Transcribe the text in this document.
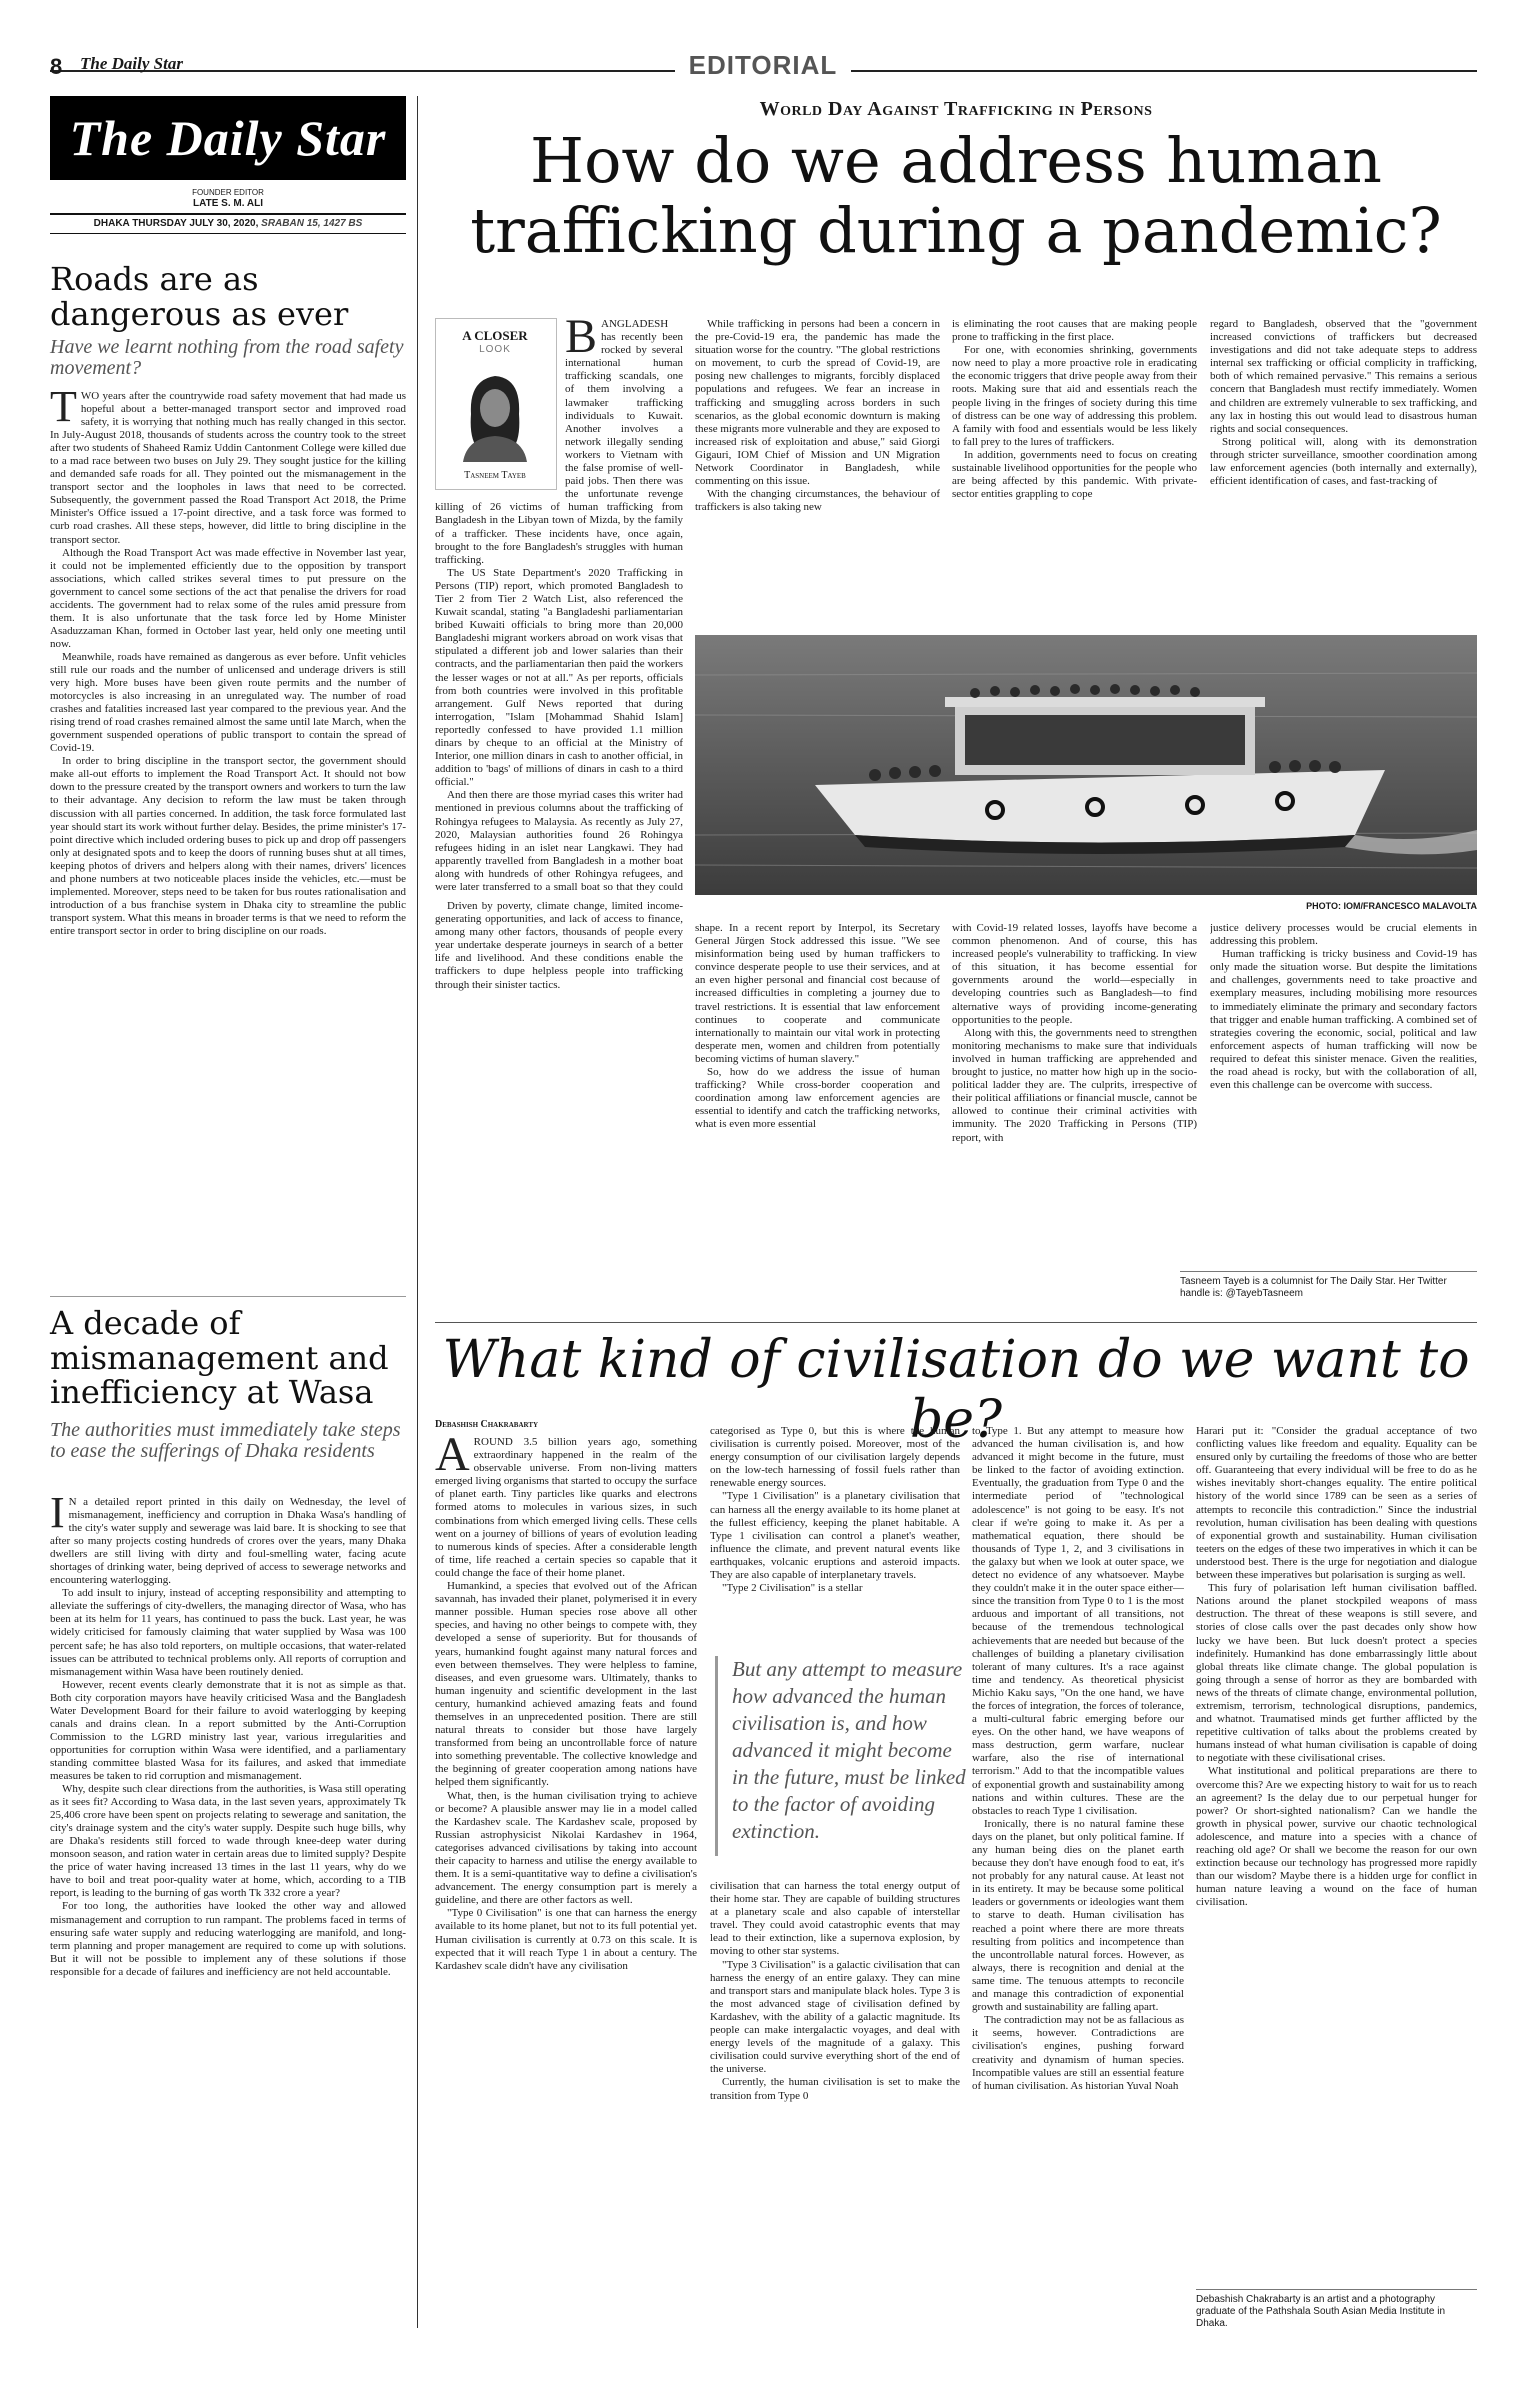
8 The Daily Star	EDITORIAL
The Daily Star
FOUNDER EDITOR
LATE S. M. ALI
DHAKA THURSDAY JULY 30, 2020, SRABAN 15, 1427 BS
Roads are as dangerous as ever
Have we learnt nothing from the road safety movement?

TWO years after the countrywide road safety movement that had made us hopeful about a better-managed transport sector and improved road safety, it is worrying that nothing much has really changed in this sector. In July-August 2018, thousands of students across the country took to the street after two students of Shaheed Ramiz Uddin Cantonment College were killed due to a mad race between two buses on July 29. They sought justice for the killing and demanded safe roads for all. They pointed out the mismanagement in the transport sector and the loopholes in laws that need to be corrected. Subsequently, the government passed the Road Transport Act 2018, the Prime Minister's Office issued a 17-point directive, and a task force was formed to curb road crashes. All these steps, however, did little to bring discipline in the transport sector.

Although the Road Transport Act was made effective in November last year, it could not be implemented efficiently due to the opposition by transport associations, which called strikes several times to put pressure on the government to cancel some sections of the act that penalise the drivers for road accidents. The government had to relax some of the rules amid pressure from them. It is also unfortunate that the task force led by Home Minister Asaduzzaman Khan, formed in October last year, held only one meeting until now.

Meanwhile, roads have remained as dangerous as ever before. Unfit vehicles still rule our roads and the number of unlicensed and underage drivers is still very high. More buses have been given route permits and the number of motorcycles is also increasing in an unregulated way. The number of road crashes and fatalities increased last year compared to the previous year. And the rising trend of road crashes remained almost the same until late March, when the government suspended operations of public transport to contain the spread of Covid-19.

In order to bring discipline in the transport sector, the government should make all-out efforts to implement the Road Transport Act. It should not bow down to the pressure created by the transport owners and workers to turn the law to their advantage. Any decision to reform the law must be taken through discussion with all parties concerned. In addition, the task force formulated last year should start its work without further delay. Besides, the prime minister's 17-point directive which included ordering buses to pick up and drop off passengers only at designated spots and to keep the doors of running buses shut at all times, keeping photos of drivers and helpers along with their names, drivers' licences and phone numbers at two noticeable places inside the vehicles, etc.—must be implemented. Moreover, steps need to be taken for bus routes rationalisation and introduction of a bus franchise system in Dhaka city to streamline the public transport system. What this means in broader terms is that we need to reform the entire transport sector in order to bring discipline on our roads.

A decade of mismanagement and inefficiency at Wasa
The authorities must immediately take steps to ease the sufferings of Dhaka residents

I N a detailed report printed in this daily on Wednesday, the level of mismanagement, inefficiency and corruption in Dhaka Wasa's handling of the city's water supply and sewerage was laid bare. It is shocking to see that after so many projects costing hundreds of crores over the years, many Dhaka dwellers are still living with dirty and foul-smelling water, facing acute shortages of drinking water, being deprived of access to sewerage networks and encountering waterlogging.

To add insult to injury, instead of accepting responsibility and attempting to alleviate the sufferings of city-dwellers, the managing director of Wasa, who has been at its helm for 11 years, has continued to pass the buck. Last year, he was widely criticised for famously claiming that water supplied by Wasa was 100 percent safe; he has also told reporters, on multiple occasions, that water-related issues can be attributed to technical problems only. All reports of corruption and mismanagement within Wasa have been routinely denied.

However, recent events clearly demonstrate that it is not as simple as that. Both city corporation mayors have heavily criticised Wasa and the Bangladesh Water Development Board for their failure to avoid waterlogging by keeping canals and drains clean. In a report submitted by the Anti-Corruption Commission to the LGRD ministry last year, various irregularities and opportunities for corruption within Wasa were identified, and a parliamentary standing committee blasted Wasa for its failures, and asked that immediate measures be taken to rid corruption and mismanagement.

Why, despite such clear directions from the authorities, is Wasa still operating as it sees fit? According to Wasa data, in the last seven years, approximately Tk 25,406 crore have been spent on projects relating to sewerage and sanitation, the city's drainage system and the city's water supply. Despite such huge bills, why are Dhaka's residents still forced to wade through knee-deep water during monsoon season, and ration water in certain areas due to limited supply? Despite the price of water having increased 13 times in the last 11 years, why do we have to boil and treat poor-quality water at home, which, according to a TIB report, is leading to the burning of gas worth Tk 332 crore a year?

For too long, the authorities have looked the other way and allowed mismanagement and corruption to run rampant. The problems faced in terms of ensuring safe water supply and reducing waterlogging are manifold, and long-term planning and proper management are required to come up with solutions. But it will not be possible to implement any of these solutions if those responsible for a decade of failures and inefficiency are not held accountable.

World Day Against Trafficking in Persons
How do we address human trafficking during a pandemic?
A CLOSER
LOOK
Tasneem Tayeb

BANGLADESH has recently been rocked by several international human trafficking scandals, one of them involving a lawmaker trafficking individuals to Kuwait. Another involves a network illegally sending workers to Vietnam with the false promise of well-paid jobs. Then there was the unfortunate revenge killing of 26 victims of human trafficking from Bangladesh in the Libyan town of Mizda, by the family of a trafficker. These incidents have, once again, brought to the fore Bangladesh's struggles with human trafficking.

The US State Department's 2020 Trafficking in Persons (TIP) report, which promoted Bangladesh to Tier 2 from Tier 2 Watch List, also referenced the Kuwait scandal, stating "a Bangladeshi parliamentarian bribed Kuwaiti officials to bring more than 20,000 Bangladeshi migrant workers abroad on work visas that stipulated a different job and lower salaries than their contracts, and the parliamentarian then paid the workers the lesser wages or not at all." As per reports, officials from both countries were involved in this profitable arrangement. Gulf News reported that during interrogation, "Islam [Mohammad Shahid Islam] reportedly confessed to have provided 1.1 million dinars by cheque to an official at the Ministry of Interior, one million dinars in cash to another official, in addition to 'bags' of millions of dinars in cash to a third official."

And then there are those myriad cases this writer had mentioned in previous columns about the trafficking of Rohingya refugees to Malaysia. As recently as July 27, 2020, Malaysian authorities found 26 Rohingya refugees hiding in an islet near Langkawi. They had apparently travelled from Bangladesh in a mother boat along with hundreds of other Rohingya refugees, and were later transferred to a small boat so that they could

Driven by poverty, climate change, limited income-generating opportunities, and lack of access to finance, among many other factors, thousands of people every year undertake desperate journeys in search of a better life and livelihood. And these conditions enable the traffickers to dupe helpless people into trafficking through their sinister tactics.

While trafficking in persons had been a concern in the pre-Covid-19 era, the pandemic has made the situation worse for the country. "The global restrictions on movement, to curb the spread of Covid-19, are posing new challenges to migrants, forcibly displaced populations and refugees. We fear an increase in trafficking and smuggling across borders in such scenarios, as the global economic downturn is making these migrants more vulnerable and they are exposed to increased risk of exploitation and abuse," said Giorgi Gigauri, IOM Chief of Mission and UN Migration Network Coordinator in Bangladesh, while commenting on this issue.

With the changing circumstances, the behaviour of traffickers is also taking new

is eliminating the root causes that are making people prone to trafficking in the first place.

For one, with economies shrinking, governments now need to play a more proactive role in eradicating the economic triggers that drive people away from their roots. Making sure that aid and essentials reach the people living in the fringes of society during this time of distress can be one way of addressing this problem. A family with food and essentials would be less likely to fall prey to the lures of traffickers.

In addition, governments need to focus on creating sustainable livelihood opportunities for the people who are being affected by this pandemic. With private-sector entities grappling to cope

regard to Bangladesh, observed that the "government increased convictions of traffickers but decreased investigations and did not take adequate steps to address internal sex trafficking or official complicity in trafficking, both of which remained pervasive." This remains a serious concern that Bangladesh must rectify immediately. Women and children are extremely vulnerable to sex trafficking, and any lax in hosting this out would lead to disastrous human rights and social consequences.

Strong political will, along with its demonstration through stricter surveillance, smoother coordination among law enforcement agencies (both internally and externally), efficient identification of cases, and fast-tracking of

PHOTO: IOM/FRANCESCO MALAVOLTA

shape. In a recent report by Interpol, its Secretary General Jürgen Stock addressed this issue. "We see misinformation being used by human traffickers to convince desperate people to use their services, and at an even higher personal and financial cost because of increased difficulties in completing a journey due to travel restrictions. It is essential that law enforcement continues to cooperate and communicate internationally to maintain our vital work in protecting desperate men, women and children from potentially becoming victims of human slavery."

So, how do we address the issue of human trafficking? While cross-border cooperation and coordination among law enforcement agencies are essential to identify and catch the trafficking networks, what is even more essential

with Covid-19 related losses, layoffs have become a common phenomenon. And of course, this has increased people's vulnerability to trafficking. In view of this situation, it has become essential for governments around the world—especially in developing countries such as Bangladesh—to find alternative ways of providing income-generating opportunities to the people.

Along with this, the governments need to strengthen monitoring mechanisms to make sure that individuals involved in human trafficking are apprehended and brought to justice, no matter how high up in the socio-political ladder they are. The culprits, irrespective of their political affiliations or financial muscle, cannot be allowed to continue their criminal activities with immunity. The 2020 Trafficking in Persons (TIP) report, with

justice delivery processes would be crucial elements in addressing this problem.

Human trafficking is tricky business and Covid-19 has only made the situation worse. But despite the limitations and challenges, governments need to take proactive and exemplary measures, including mobilising more resources to immediately eliminate the primary and secondary factors that trigger and enable human trafficking. A combined set of strategies covering the economic, social, political and law enforcement aspects of human trafficking will now be required to defeat this sinister menace. Given the realities, the road ahead is rocky, but with the collaboration of all, even this challenge can be overcome with success.

Tasneem Tayeb is a columnist for The Daily Star. Her Twitter handle is: @TayebTasneem
What kind of civilisation do we want to be?
Debashish Chakrabarty

AROUND 3.5 billion years ago, something extraordinary happened in the realm of the observable universe. From non-living matters emerged living organisms that started to occupy the surface of planet earth. Tiny particles like quarks and electrons formed atoms to molecules in various sizes, in such combinations from which emerged living cells. These cells went on a journey of billions of years of evolution leading to numerous kinds of species. After a considerable length of time, life reached a certain species so capable that it could change the face of their home planet.

Humankind, a species that evolved out of the African savannah, has invaded their planet, polymerised it in every manner possible. Human species rose above all other species, and having no other beings to compete with, they developed a sense of superiority. But for thousands of years, humankind fought against many natural forces and even between themselves. They were helpless to famine, diseases, and even gruesome wars. Ultimately, thanks to human ingenuity and scientific development in the last century, humankind achieved amazing feats and found themselves in an unprecedented position. There are still natural threats to consider but those have largely transformed from being an uncontrollable force of nature into something preventable. The collective knowledge and the beginning of greater cooperation among nations have helped them significantly.

What, then, is the human civilisation trying to achieve or become? A plausible answer may lie in a model called the Kardashev scale. The Kardashev scale, proposed by Russian astrophysicist Nikolai Kardashev in 1964, categorises advanced civilisations by taking into account their capacity to harness and utilise the energy available to them. It is a semi-quantitative way to define a civilisation's advancement. The energy consumption part is merely a guideline, and there are other factors as well.

"Type 0 Civilisation" is one that can harness the energy available to its home planet, but not to its full potential yet. Human civilisation is currently at 0.73 on this scale. It is expected that it will reach Type 1 in about a century. The Kardashev scale didn't have any civilisation

categorised as Type 0, but this is where the human civilisation is currently poised. Moreover, most of the energy consumption of our civilisation largely depends on the low-tech harnessing of fossil fuels rather than renewable energy sources.

"Type 1 Civilisation" is a planetary civilisation that can harness all the energy available to its home planet at the fullest efficiency, keeping the planet habitable. A Type 1 civilisation can control a planet's weather, influence the climate, and prevent natural events like earthquakes, volcanic eruptions and asteroid impacts. They are also capable of interplanetary travels.

"Type 2 Civilisation" is a stellar

But any attempt to measure how advanced the human civilisation is, and how advanced it might become in the future, must be linked to the factor of avoiding extinction.

civilisation that can harness the total energy output of their home star. They are capable of building structures at a planetary scale and also capable of interstellar travel. They could avoid catastrophic events that may lead to their extinction, like a supernova explosion, by moving to other star systems.

"Type 3 Civilisation" is a galactic civilisation that can harness the energy of an entire galaxy. They can mine and transport stars and manipulate black holes. Type 3 is the most advanced stage of civilisation defined by Kardashev, with the ability of a galactic magnitude. Its people can make intergalactic voyages, and deal with energy levels of the magnitude of a galaxy. This civilisation could survive everything short of the end of the universe.

Currently, the human civilisation is set to make the transition from Type 0

to Type 1. But any attempt to measure how advanced the human civilisation is, and how advanced it might become in the future, must be linked to the factor of avoiding extinction. Eventually, the graduation from Type 0 and the intermediate period of "technological adolescence" is not going to be easy. It's not clear if we're going to make it. As per a mathematical equation, there should be thousands of Type 1, 2, and 3 civilisations in the galaxy but when we look at outer space, we detect no evidence of any whatsoever. Maybe they couldn't make it in the outer space either—since the transition from Type 0 to 1 is the most arduous and important of all transitions, not because of the tremendous technological achievements that are needed but because of the challenges of building a planetary civilisation tolerant of many cultures. It's a race against time and tendency. As theoretical physicist Michio Kaku says, "On the one hand, we have the forces of integration, the forces of tolerance, a multi-cultural fabric emerging before our eyes. On the other hand, we have weapons of mass destruction, germ warfare, nuclear warfare, also the rise of international terrorism." Add to that the incompatible values of exponential growth and sustainability among nations and within cultures. These are the obstacles to reach Type 1 civilisation.

Ironically, there is no natural famine these days on the planet, but only political famine. If any human being dies on the planet earth because they don't have enough food to eat, it's not probably for any natural cause. At least not in its entirety. It may be because some political leaders or governments or ideologies want them to starve to death. Human civilisation has reached a point where there are more threats resulting from politics and incompetence than the uncontrollable natural forces. However, as always, there is recognition and denial at the same time. The tenuous attempts to reconcile and manage this contradiction of exponential growth and sustainability are falling apart.

The contradiction may not be as fallacious as it seems, however. Contradictions are civilisation's engines, pushing forward creativity and dynamism of human species. Incompatible values are still an essential feature of human civilisation. As historian Yuval Noah

Harari put it: "Consider the gradual acceptance of two conflicting values like freedom and equality. Equality can be ensured only by curtailing the freedoms of those who are better off. Guaranteeing that every individual will be free to do as he wishes inevitably short-changes equality. The entire political history of the world since 1789 can be seen as a series of attempts to reconcile this contradiction." Since the industrial revolution, human civilisation has been dealing with questions of exponential growth and sustainability. Human civilisation teeters on the edges of these two imperatives in which it can be understood best. There is the urge for negotiation and dialogue between these imperatives but polarisation is surging as well.

This fury of polarisation left human civilisation baffled. Nations around the planet stockpiled weapons of mass destruction. The threat of these weapons is still severe, and stories of close calls over the past decades only show how lucky we have been. But luck doesn't protect a species indefinitely. Humankind has done embarrassingly little about global threats like climate change. The global population is going through a sense of horror as they are bombarded with news of the threats of climate change, environmental pollution, extremism, terrorism, technological disruptions, pandemics, and whatnot. Traumatised minds get further afflicted by the repetitive cultivation of talks about the problems created by humans instead of what human civilisation is capable of doing to negotiate with these civilisational crises.

What institutional and political preparations are there to overcome this? Are we expecting history to wait for us to reach an agreement? Is the delay due to our perpetual hunger for power? Or short-sighted nationalism? Can we handle the growth in physical power, survive our chaotic technological adolescence, and mature into a species with a chance of reaching old age? Or shall we become the reason for our own extinction because our technology has progressed more rapidly than our wisdom? Maybe there is a hidden urge for conflict in human nature leaving a wound on the face of human civilisation.

Debashish Chakrabarty is an artist and a photography graduate of the Pathshala South Asian Media Institute in Dhaka.
